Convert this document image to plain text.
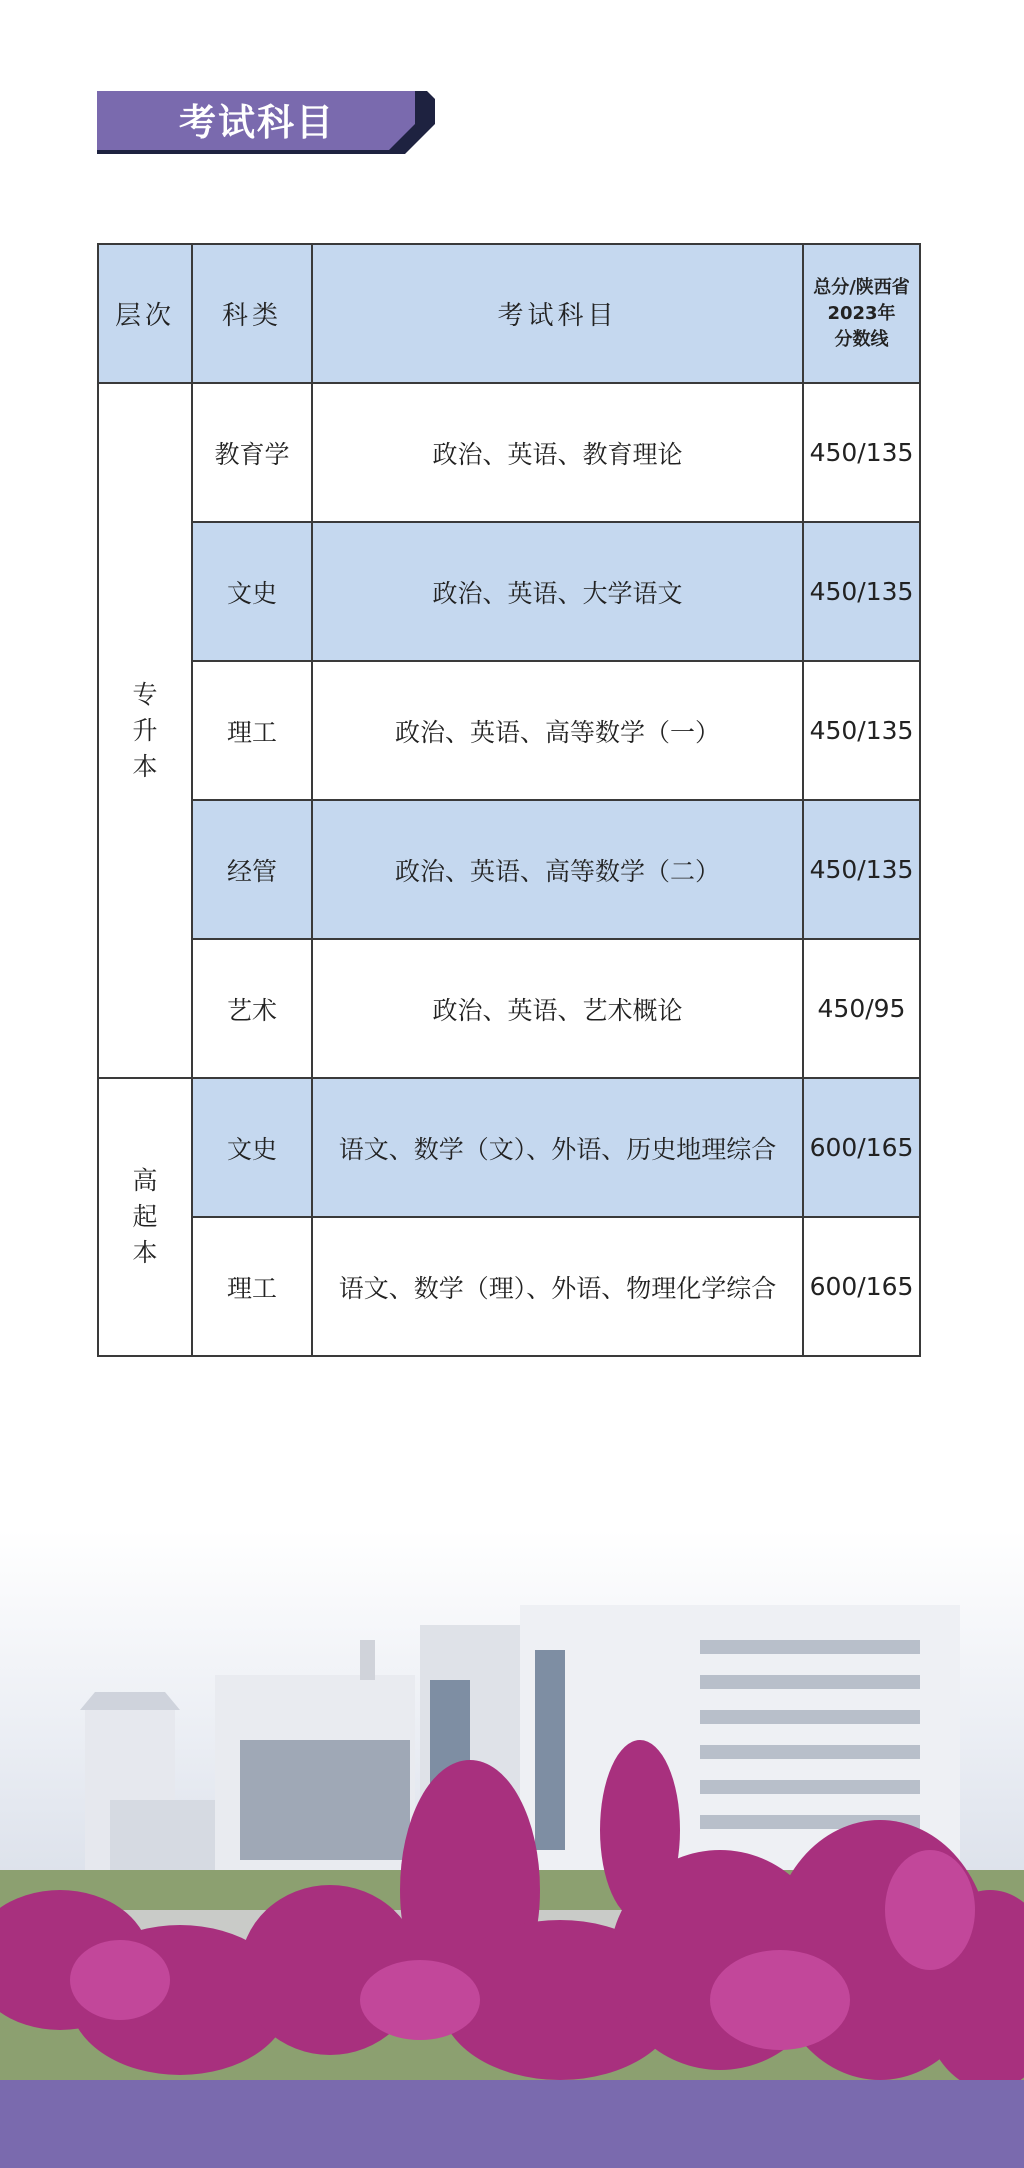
考试科目
层次	科类	考试科目	总分/陕西省
2023年
分数线

专升本	教育学	政治、英语、教育理论	450/135
	文史	政治、英语、大学语文	450/135
	理工	政治、英语、高等数学（一）	450/135
	经管	政治、英语、高等数学（二）	450/135
	艺术	政治、英语、艺术概论	450/95
高起本	文史	语文、数学（文）、外语、历史地理综合	600/165
	理工	语文、数学（理）、外语、物理化学综合	600/165
